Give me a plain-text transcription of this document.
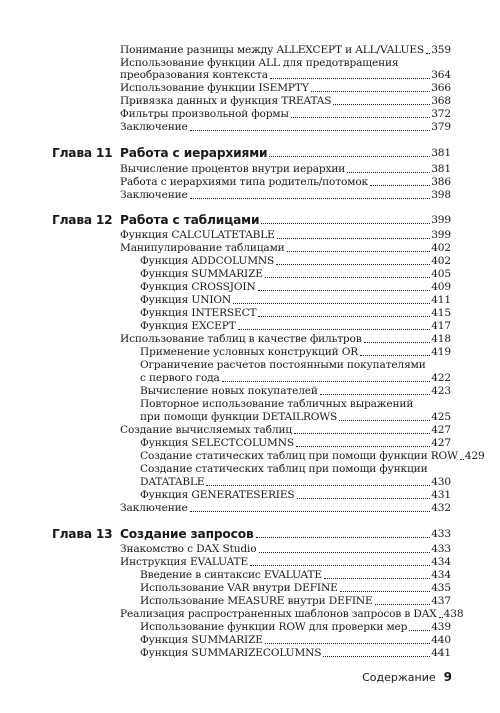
Понимание разницы между ALLEXCEPT и ALL/VALUES 359
Использование функции ALL для предотвращения
преобразования контекста	364
Использование функции ISEMPTY	366
Привязка данных и функция TREATAS	368
Фильтры произвольной формы	372
Заключение	379
Глава 11 Работа с иерархиями	381
Вычисление процентов внутри иерархии	381
Работа с иерархиями типа родитель/потомок	386
Заключение	398
Глава 12 Работа с таблицами	399
Функция CALCULATETABLE	399
Манипулирование таблицами	402
Функция ADDCOLUMNS	402
Функция SUMMARIZE	405
Функция CROSSJOIN	409
Функция UNION	411
Функция INTERSECT	415
Функция EXCEPT	417
Использование таблиц в качестве фильтров	418
Применение условных конструкций OR	419
Ограничение расчетов постоянными покупателями
с первого года	422
Вычисление новых покупателей	423
Повторное использование табличных выражений
при помощи функции DETAILROWS	425
Создание вычисляемых таблиц	427
Функция SELECTCOLUMNS	427
Создание статических таблиц при помощи функции ROW 429
Создание статических таблиц при помощи функции
DATATABLE	430
Функция GENERATESERIES	431
Заключение	432
Глава 13 Создание запросов	433
Знакомство с DAX Studio	433
Инструкция EVALUATE	434
Введение в синтаксис EVALUATE	434
Использование VAR внутри DEFINE	435
Использование MEASURE внутри DEFINE	437
Реализация распространенных шаблонов запросов в DAX 438
Использование функции ROW для проверки мер 439
Функция SUMMARIZE	440
Функция SUMMARIZECOLUMNS	441
Содержание 9
